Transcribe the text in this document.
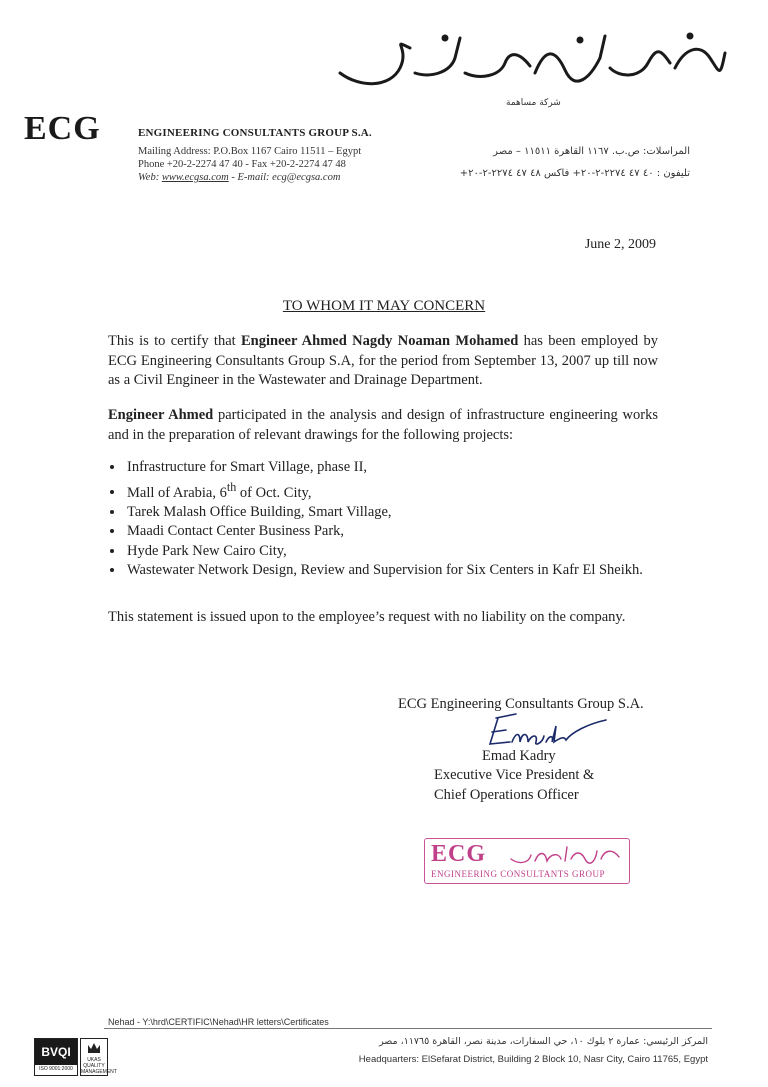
شركة مساهمة
ECG	ENGINEERING CONSULTANTS GROUP S.A.
Mailing Address: P.O.Box 1167 Cairo 11511 – Egypt
Phone +20-2-2274 47 40 - Fax +20-2-2274 47 48
Web: www.ecgsa.com - E-mail: ecg@ecgsa.com
المراسلات: ص.ب. ١١٦٧ القاهرة ١١٥١١ – مصر
تليفون : ٤٠ ٤٧ ٢٢٧٤-٢-٢٠+ فاكس ٤٨ ٤٧ ٢٢٧٤-٢-٢٠+
June 2, 2009
TO WHOM IT MAY CONCERN
This is to certify that Engineer Ahmed Nagdy Noaman Mohamed has been employed by ECG Engineering Consultants Group S.A, for the period from September 13, 2007 up till now as a Civil Engineer in the Wastewater and Drainage Department.
Engineer Ahmed participated in the analysis and design of infrastructure engineering works and in the preparation of relevant drawings for the following projects:
• Infrastructure for Smart Village, phase II,
• Mall of Arabia, 6th of Oct. City,
• Tarek Malash Office Building, Smart Village,
• Maadi Contact Center Business Park,
• Hyde Park New Cairo City,
• Wastewater Network Design, Review and Supervision for Six Centers in Kafr El Sheikh.
This statement is issued upon to the employee’s request with no liability on the company.
ECG Engineering Consultants Group S.A.
Emad Kadry
Executive Vice President &
Chief Operations Officer
ECG
ENGINEERING CONSULTANTS GROUP
Nehad - Y:\hrd\CERTIFIC\Nehad\HR letters\Certificates
BVQI
ISO 9001:2000
UKAS
QUALITY MANAGEMENT
المركز الرئيسي: عمارة ٢ بلوك ١٠، حي السفارات، مدينة نصر، القاهرة ١١٧٦٥، مصر
Headquarters: ElSefarat District, Building 2 Block 10, Nasr City, Cairo 11765, Egypt
